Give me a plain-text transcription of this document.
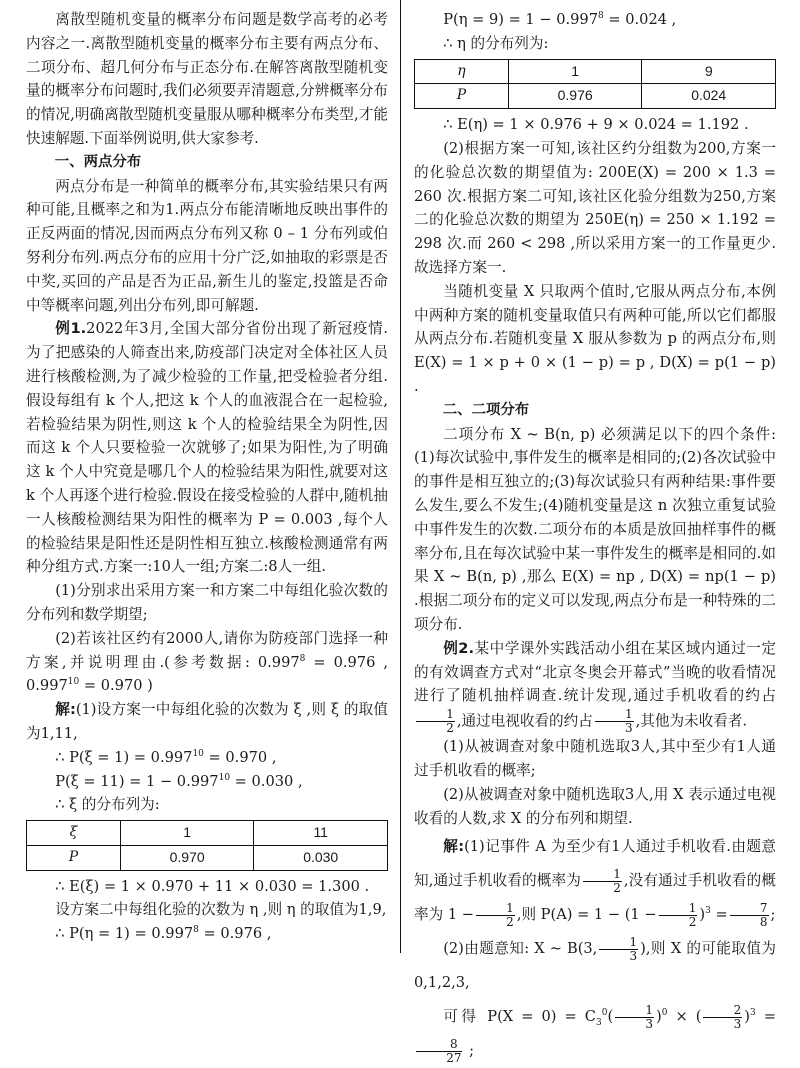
离散型随机变量的概率分布问题是数学高考的必考内容之一.离散型随机变量的概率分布主要有两点分布、二项分布、超几何分布与正态分布.在解答离散型随机变量的概率分布问题时,我们必须要弄清题意,分辨概率分布的情况,明确离散型随机变量服从哪种概率分布类型,才能快速解题.下面举例说明,供大家参考.

一、两点分布

两点分布是一种简单的概率分布,其实验结果只有两种可能,且概率之和为1.两点分布能清晰地反映出事件的正反两面的情况,因而两点分布列又称 0 – 1 分布列或伯努利分布列.两点分布的应用十分广泛,如抽取的彩票是否中奖,买回的产品是否为正品,新生儿的鉴定,投篮是否命中等概率问题,列出分布列,即可解题.

例1.2022年3月,全国大部分省份出现了新冠疫情.为了把感染的人筛查出来,防疫部门决定对全体社区人员进行核酸检测,为了减少检验的工作量,把受检验者分组.假设每组有 k 个人,把这 k 个人的血液混合在一起检验,若检验结果为阴性,则这 k 个人的检验结果全为阴性,因而这 k 个人只要检验一次就够了;如果为阳性,为了明确这 k 个人中究竟是哪几个人的检验结果为阳性,就要对这 k 个人再逐个进行检验.假设在接受检验的人群中,随机抽一人核酸检测结果为阳性的概率为 P = 0.003 ,每个人的检验结果是阳性还是阴性相互独立.核酸检测通常有两种分组方式.方案一:10人一组;方案二:8人一组.

(1)分别求出采用方案一和方案二中每组化验次数的分布列和数学期望;

(2)若该社区约有2000人,请你为防疫部门选择一种方案,并说明理由.(参考数据: $0.997^8 = 0.976$ , $0.997^{10} = 0.970$ )

解:(1)设方案一中每组化验的次数为 ξ ,则 ξ 的取值为1,11,

∴ $P(\xi = 1) = 0.997^{10} = 0.970$ ,

$P(\xi = 11) = 1 - 0.997^{10} = 0.030$ ,

∴ ξ 的分布列为:

ξ	1	11
P	0.970	0.030

∴ E(ξ) = 1 × 0.970 + 11 × 0.030 = 1.300 .

设方案二中每组化验的次数为 η ,则 η 的取值为1,9,

∴ $P(\eta = 1) = 0.997^8 = 0.976$ ,

$P(\eta = 9) = 1 - 0.997^8 = 0.024$ ,

∴ η 的分布列为:

η	1	9
P	0.976	0.024

∴ E(η) = 1 × 0.976 + 9 × 0.024 = 1.192 .

(2)根据方案一可知,该社区约分组数为200,方案一的化验总次数的期望值为: 200E(X) = 200 × 1.3 = 260 次.根据方案二可知,该社区化验分组数为250,方案二的化验总次数的期望为 250E(η) = 250 × 1.192 = 298 次.而 260 < 298 ,所以采用方案一的工作量更少.故选择方案一.

当随机变量 X 只取两个值时,它服从两点分布,本例中两种方案的随机变量取值只有两种可能,所以它们都服从两点分布.若随机变量 X 服从参数为 p 的两点分布,则 E(X) = 1 × p + 0 × (1 − p) = p , D(X) = p(1 − p) .

二、二项分布

二项分布 X ~ B(n, p) 必须满足以下的四个条件:(1)每次试验中,事件发生的概率是相同的;(2)各次试验中的事件是相互独立的;(3)每次试验只有两种结果:事件要么发生,要么不发生;(4)随机变量是这 n 次独立重复试验中事件发生的次数.二项分布的本质是放回抽样事件的概率分布,且在每次试验中某一事件发生的概率是相同的.如果 X ~ B(n, p) ,那么 E(X) = np , D(X) = np(1 − p) .根据二项分布的定义可以发现,两点分布是一种特殊的二项分布.

例2.某中学课外实践活动小组在某区域内通过一定的有效调查方式对“北京冬奥会开幕式”当晚的收看情况进行了随机抽样调查.统计发现,通过手机收看的约占
$\frac{1}{2}$ ,通过电视收看的约占 $\frac{1}{3}$ ,其他为未收看者.

(1)从被调查对象中随机选取3人,其中至少有1人通过手机收看的概率;

(2)从被调查对象中随机选取3人,用 X 表示通过电视收看的人数,求 X 的分布列和期望.

解:(1)记事件 A 为至少有1人通过手机收看.由题意知,通过手机收看的概率为 $\frac{1}{2}$ ,没有通过手机收看的概率为 $1 - \frac{1}{2}$ ,则 $P(A) = 1 - (1 - \frac{1}{2} )^3 = \frac{7}{8}$ ;

(2)由题意知: X ~ B(3, $\frac{1}{3}$ ),则 X 的可能取值为 0,1,2,3,

可得 $P(X = 0) = C_3^0( \frac{1}{3} )^0$ × ( $\frac{2}{3} )^3$ =
$\frac{8}{27}$ ;
